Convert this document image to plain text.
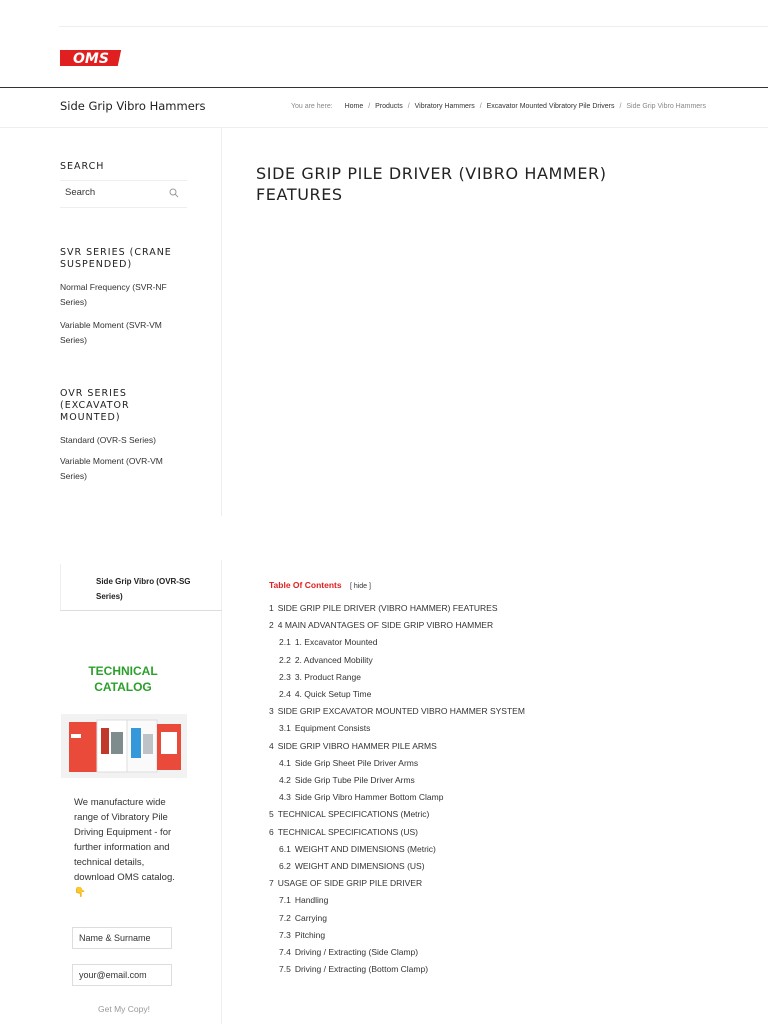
OMS
Side Grip Vibro Hammers	You are here: Home / Products / Vibratory Hammers / Excavator Mounted Vibratory Pile Drivers / Side Grip Vibro Hammers
SEARCH
Search
SVR SERIES (CRANE SUSPENDED)
Normal Frequency (SVR-NF Series)
Variable Moment (SVR-VM Series)
OVR SERIES (EXCAVATOR MOUNTED)
Standard (OVR-S Series)
Variable Moment (OVR-VM Series)
SIDE GRIP PILE DRIVER (VIBRO HAMMER) FEATURES
Side Grip Vibro (OVR-SG Series)
TECHNICAL CATALOG
We manufacture wide range of Vibratory Pile Driving Equipment - for further information and technical details, download OMS catalog. 👇
Name & Surname
your@email.com
Get My Copy!
Table Of Contents [ hide ]
1 SIDE GRIP PILE DRIVER (VIBRO HAMMER) FEATURES
2 4 MAIN ADVANTAGES OF SIDE GRIP VIBRO HAMMER
2.1 1. Excavator Mounted
2.2 2. Advanced Mobility
2.3 3. Product Range
2.4 4. Quick Setup Time
3 SIDE GRIP EXCAVATOR MOUNTED VIBRO HAMMER SYSTEM
3.1 Equipment Consists
4 SIDE GRIP VIBRO HAMMER PILE ARMS
4.1 Side Grip Sheet Pile Driver Arms
4.2 Side Grip Tube Pile Driver Arms
4.3 Side Grip Vibro Hammer Bottom Clamp
5 TECHNICAL SPECIFICATIONS (Metric)
6 TECHNICAL SPECIFICATIONS (US)
6.1 WEIGHT AND DIMENSIONS (Metric)
6.2 WEIGHT AND DIMENSIONS (US)
7 USAGE OF SIDE GRIP PILE DRIVER
7.1 Handling
7.2 Carrying
7.3 Pitching
7.4 Driving / Extracting (Side Clamp)
7.5 Driving / Extracting (Bottom Clamp)
